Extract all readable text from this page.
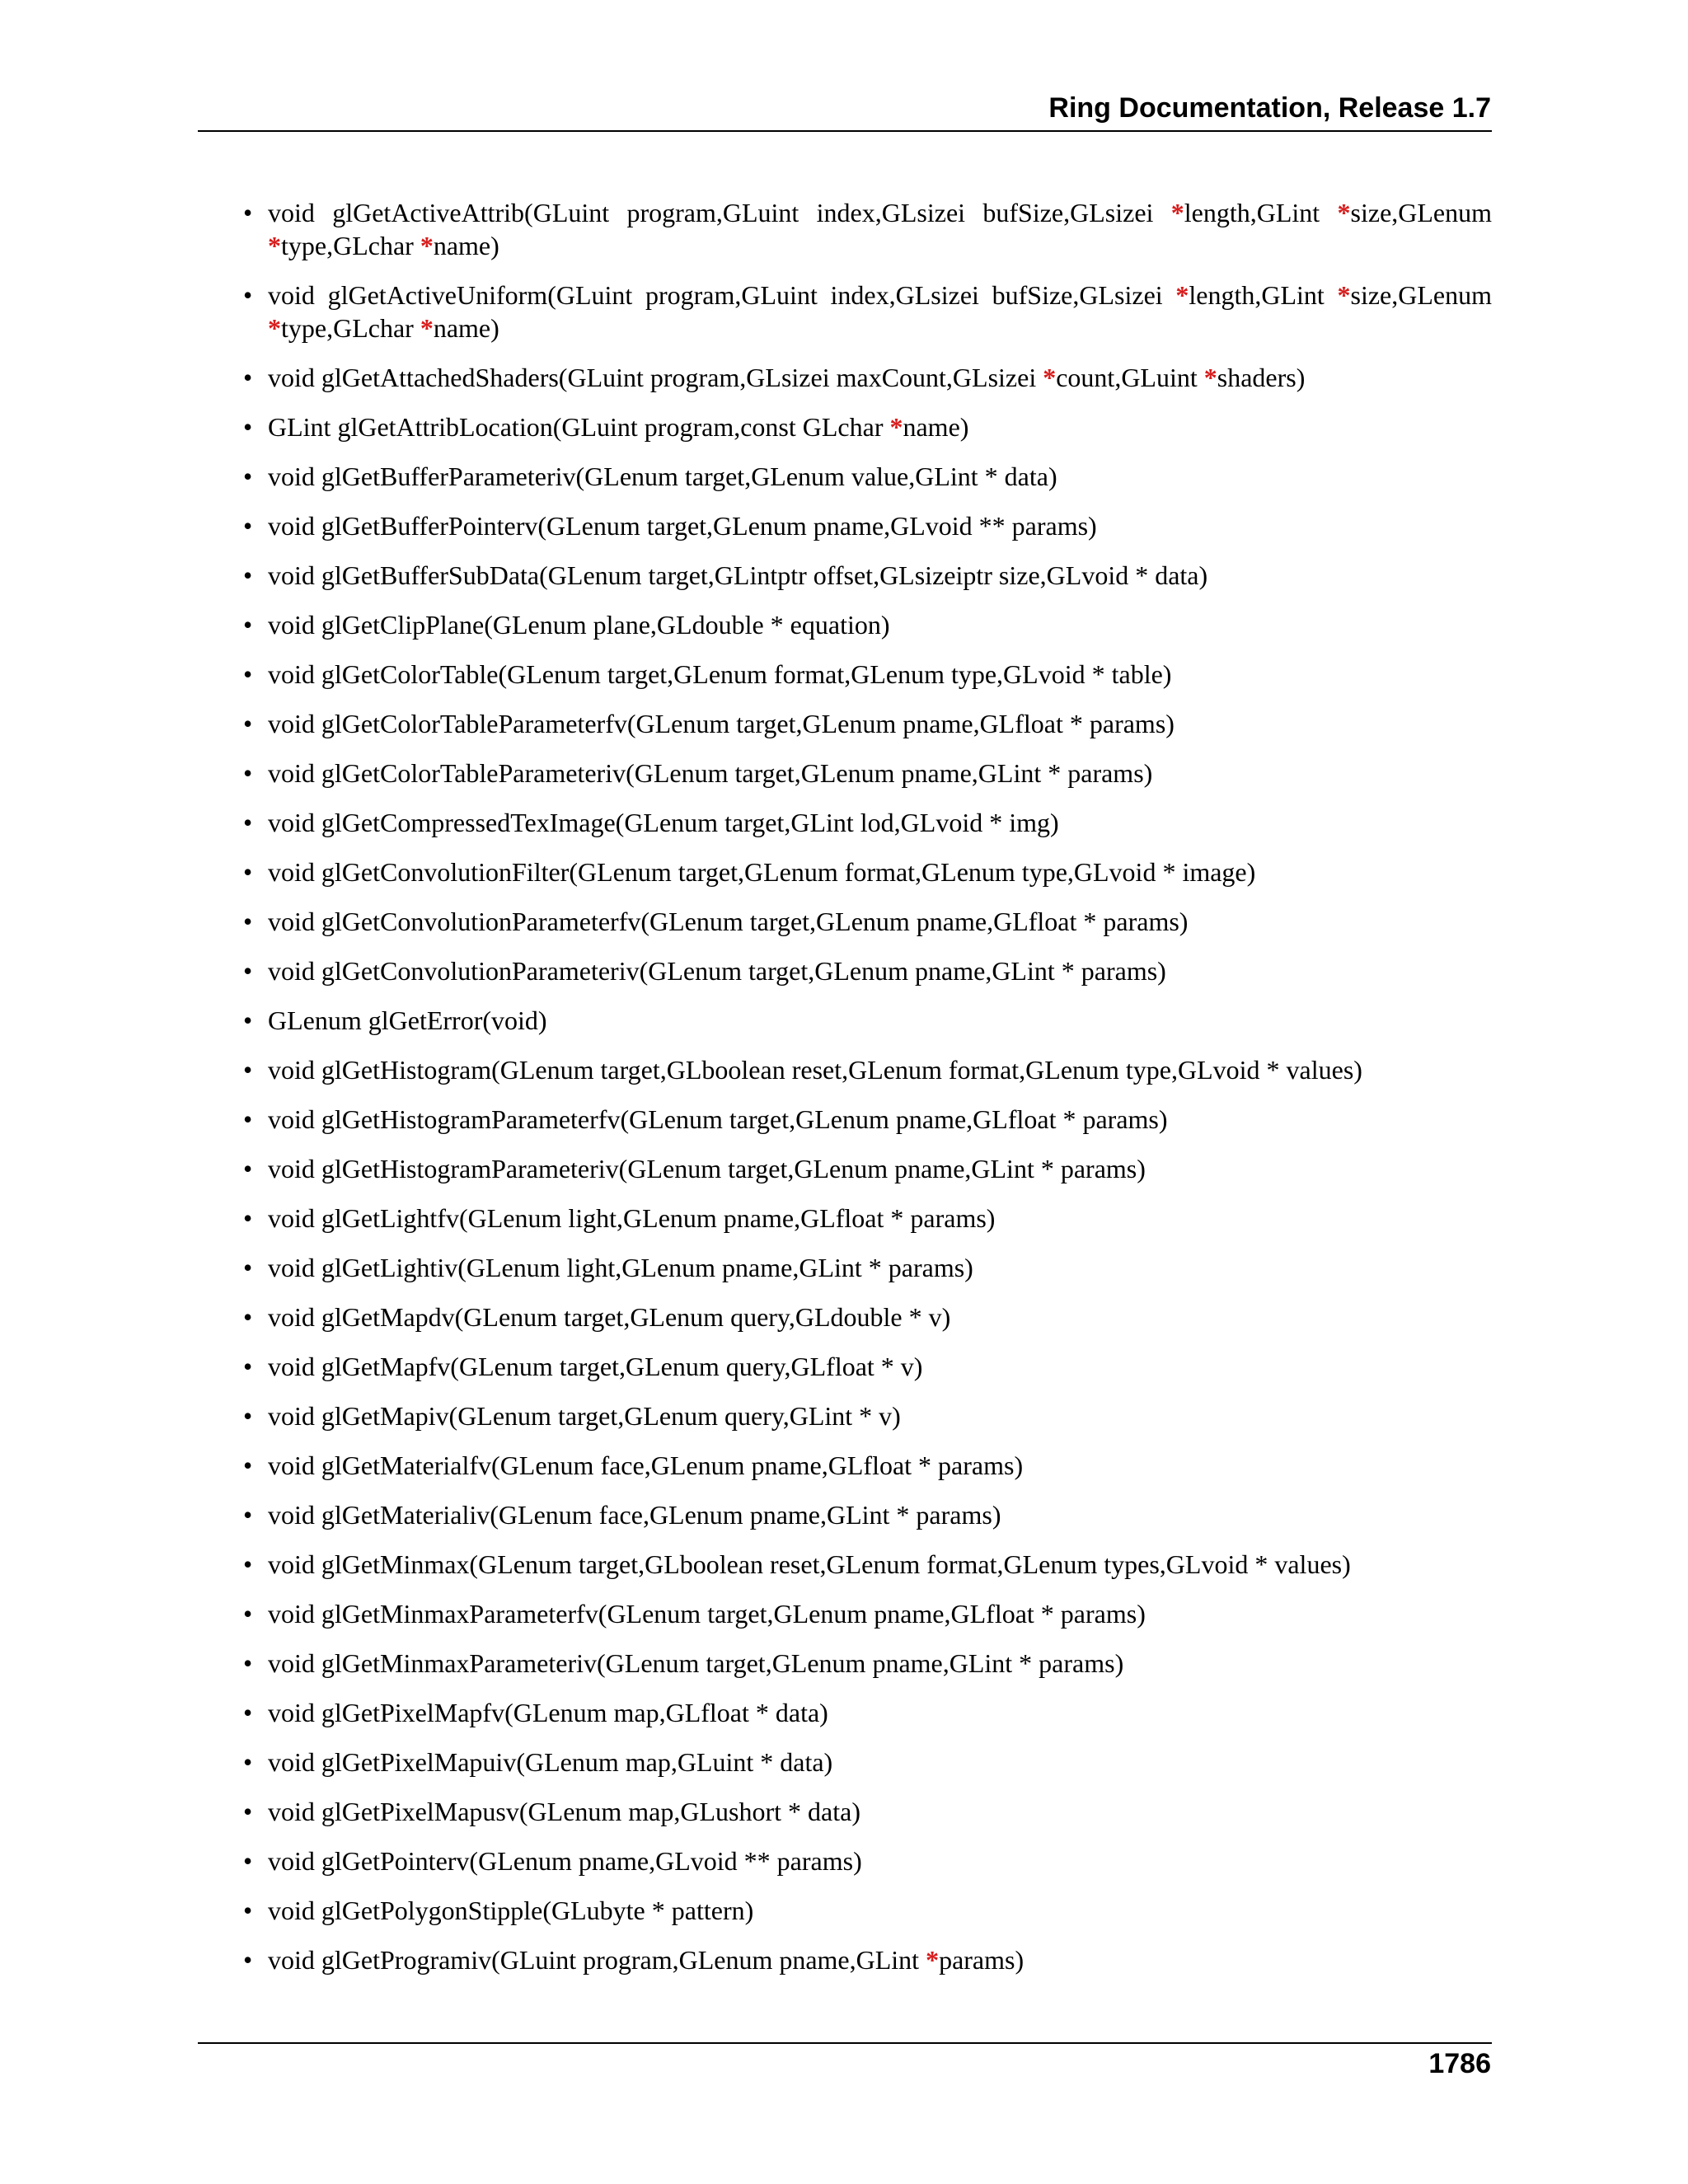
Ring Documentation, Release 1.7
• void glGetActiveAttrib(GLuint program,GLuint index,GLsizei bufSize,GLsizei *length,GLint *size,GLenum *type,GLchar *name)
• void glGetActiveUniform(GLuint program,GLuint index,GLsizei bufSize,GLsizei *length,GLint *size,GLenum *type,GLchar *name)
• void glGetAttachedShaders(GLuint program,GLsizei maxCount,GLsizei *count,GLuint *shaders)
• GLint glGetAttribLocation(GLuint program,const GLchar *name)
• void glGetBufferParameteriv(GLenum target,GLenum value,GLint * data)
• void glGetBufferPointerv(GLenum target,GLenum pname,GLvoid ** params)
• void glGetBufferSubData(GLenum target,GLintptr offset,GLsizeiptr size,GLvoid * data)
• void glGetClipPlane(GLenum plane,GLdouble * equation)
• void glGetColorTable(GLenum target,GLenum format,GLenum type,GLvoid * table)
• void glGetColorTableParameterfv(GLenum target,GLenum pname,GLfloat * params)
• void glGetColorTableParameteriv(GLenum target,GLenum pname,GLint * params)
• void glGetCompressedTexImage(GLenum target,GLint lod,GLvoid * img)
• void glGetConvolutionFilter(GLenum target,GLenum format,GLenum type,GLvoid * image)
• void glGetConvolutionParameterfv(GLenum target,GLenum pname,GLfloat * params)
• void glGetConvolutionParameteriv(GLenum target,GLenum pname,GLint * params)
• GLenum glGetError(void)
• void glGetHistogram(GLenum target,GLboolean reset,GLenum format,GLenum type,GLvoid * values)
• void glGetHistogramParameterfv(GLenum target,GLenum pname,GLfloat * params)
• void glGetHistogramParameteriv(GLenum target,GLenum pname,GLint * params)
• void glGetLightfv(GLenum light,GLenum pname,GLfloat * params)
• void glGetLightiv(GLenum light,GLenum pname,GLint * params)
• void glGetMapdv(GLenum target,GLenum query,GLdouble * v)
• void glGetMapfv(GLenum target,GLenum query,GLfloat * v)
• void glGetMapiv(GLenum target,GLenum query,GLint * v)
• void glGetMaterialfv(GLenum face,GLenum pname,GLfloat * params)
• void glGetMaterialiv(GLenum face,GLenum pname,GLint * params)
• void glGetMinmax(GLenum target,GLboolean reset,GLenum format,GLenum types,GLvoid * values)
• void glGetMinmaxParameterfv(GLenum target,GLenum pname,GLfloat * params)
• void glGetMinmaxParameteriv(GLenum target,GLenum pname,GLint * params)
• void glGetPixelMapfv(GLenum map,GLfloat * data)
• void glGetPixelMapuiv(GLenum map,GLuint * data)
• void glGetPixelMapusv(GLenum map,GLushort * data)
• void glGetPointerv(GLenum pname,GLvoid ** params)
• void glGetPolygonStipple(GLubyte * pattern)
• void glGetProgramiv(GLuint program,GLenum pname,GLint *params)
1786
